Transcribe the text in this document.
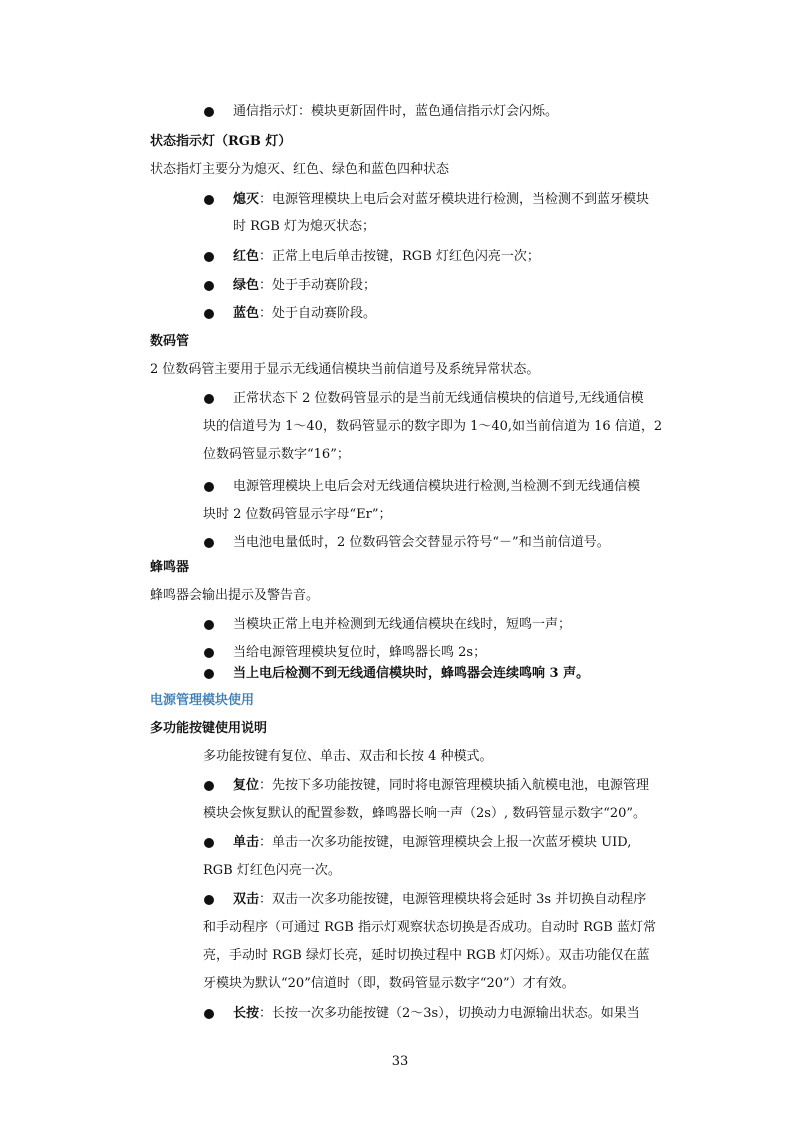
通信指示灯：模块更新固件时，蓝色通信指示灯会闪烁。
状态指示灯（RGB 灯）
状态指灯主要分为熄灭、红色、绿色和蓝色四种状态
熄灭：电源管理模块上电后会对蓝牙模块进行检测，当检测不到蓝牙模块
时 RGB 灯为熄灭状态；
红色：正常上电后单击按键，RGB 灯红色闪亮一次；
绿色：处于手动赛阶段；
蓝色：处于自动赛阶段。
数码管
2 位数码管主要用于显示无线通信模块当前信道号及系统异常状态。
正常状态下 2 位数码管显示的是当前无线通信模块的信道号,无线通信模
块的信道号为 1～40，数码管显示的数字即为 1～40,如当前信道为 16 信道，2
位数码管显示数字“16”；
电源管理模块上电后会对无线通信模块进行检测,当检测不到无线通信模
块时 2 位数码管显示字母“Er”；
当电池电量低时，2 位数码管会交替显示符号“－”和当前信道号。
蜂鸣器
蜂鸣器会输出提示及警告音。
当模块正常上电并检测到无线通信模块在线时，短鸣一声；
当给电源管理模块复位时，蜂鸣器长鸣 2s；
当上电后检测不到无线通信模块时，蜂鸣器会连续鸣响 3 声。
电源管理模块使用
多功能按键使用说明
多功能按键有复位、单击、双击和长按 4 种模式。
复位：先按下多功能按键，同时将电源管理模块插入航模电池，电源管理
模块会恢复默认的配置参数，蜂鸣器长响一声（2s）, 数码管显示数字“20”。
单击：单击一次多功能按键，电源管理模块会上报一次蓝牙模块 UID,
RGB 灯红色闪亮一次。
双击：双击一次多功能按键，电源管理模块将会延时 3s 并切换自动程序
和手动程序（可通过 RGB 指示灯观察状态切换是否成功。自动时 RGB 蓝灯常
亮，手动时 RGB 绿灯长亮，延时切换过程中 RGB 灯闪烁）。双击功能仅在蓝
牙模块为默认“20”信道时（即，数码管显示数字“20”）才有效。
长按：长按一次多功能按键（2～3s），切换动力电源输出状态。如果当
33
